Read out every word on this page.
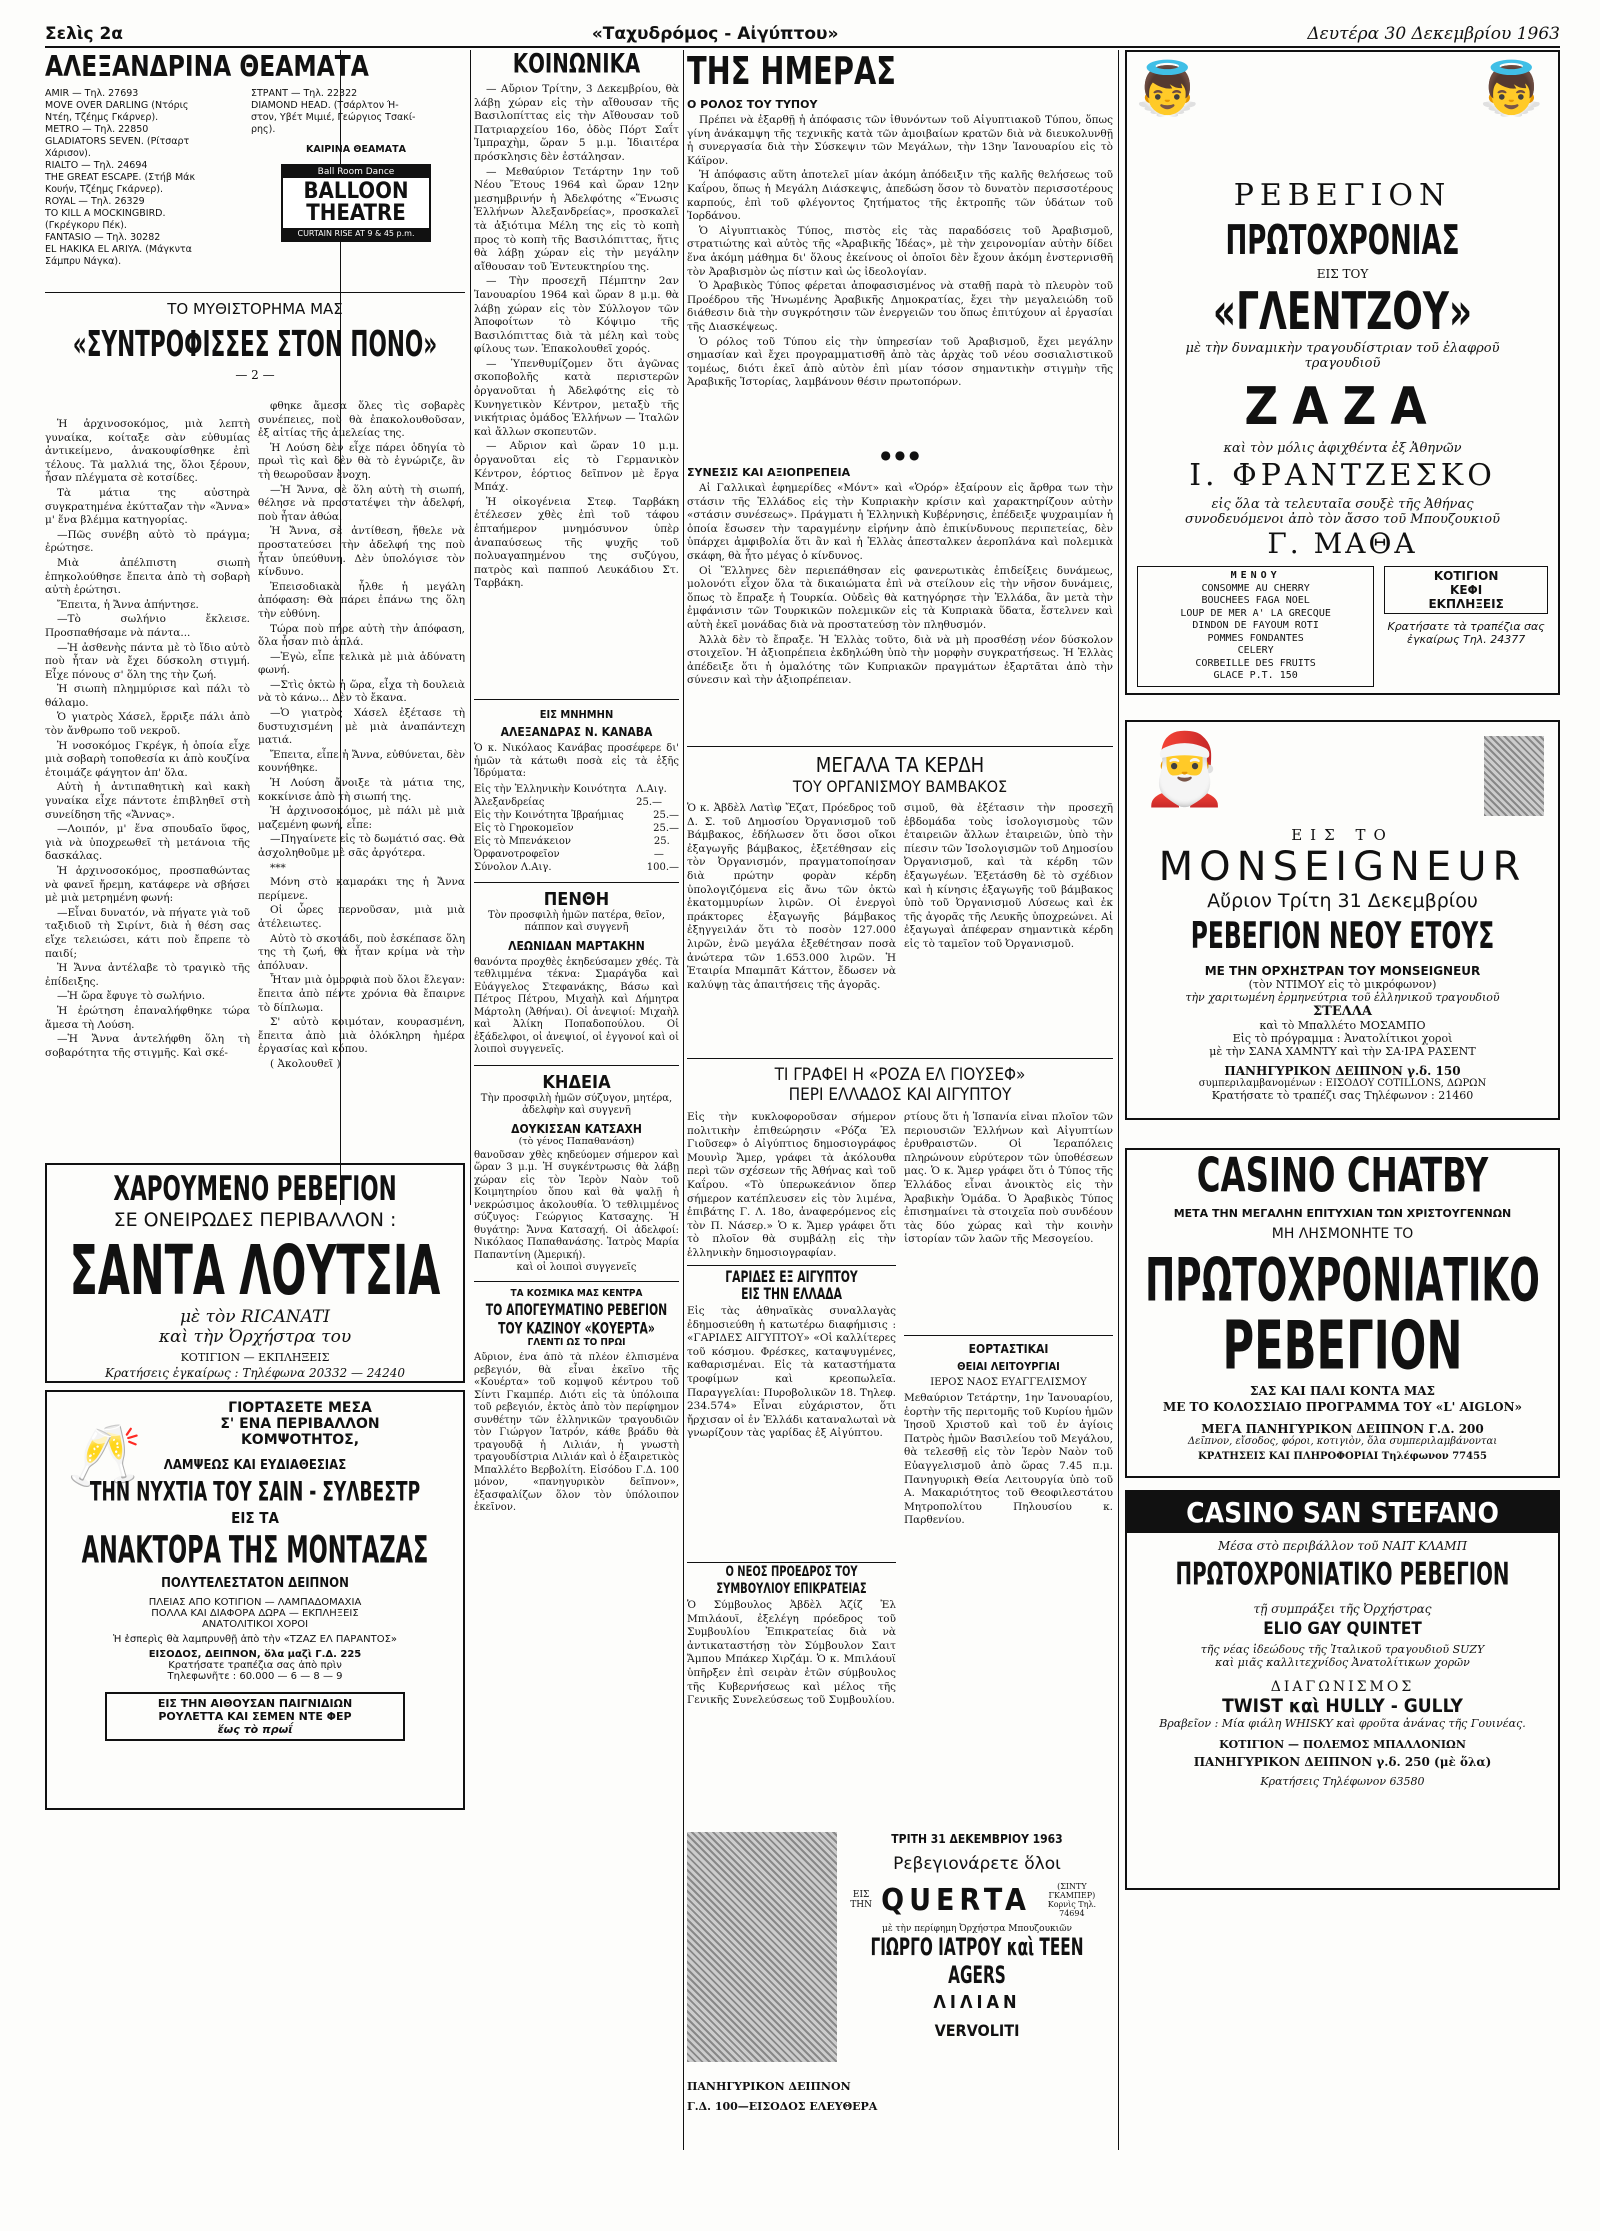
Σελὶς 2α	«Ταχυδρόμος - Αἰγύπτου»	Δευτέρα 30 Δεκεμβρίου 1963
ΑΛΕΞΑΝΔΡΙΝΑ ΘΕΑΜΑΤΑ
AMIR — Τηλ. 27693
MOVE OVER DARLING (Ντόρις
Ντέη, Τζέημς Γκάρνερ).
METRO — Τηλ. 22850
GLADIATORS SEVEN. (Ρίτσαρτ
Χάρισον).
RIALTO — Τηλ. 24694
THE GREAT ESCAPE. (Στήβ Μάκ
Κουήν, Τζέημς Γκάρνερ).
ROYAL — Τηλ. 26329
TO KILL A MOCKINGBIRD.
(Γκρέγκορυ Πέκ).
FANTASIO — Τηλ. 30282
EL HAKIKA EL ARIYA. (Μάγκντα
Σάμπρυ Νάγκα).
ΣΤΡΑΝΤ — Τηλ. 22322
DIAMOND HEAD. (Τσάρλτον Ή-
στον, Υβέτ Μιμιέ, Γεώργιος Τσακί-
ρης).
ΚΑΙΡΙΝΑ ΘΕΑΜΑΤΑ
Ball Room Dance
BALLOON THEATRE
CURTAIN RISE AT 9 & 45 p.m.
ΤΟ ΜΥΘΙΣΤΟΡΗΜΑ ΜΑΣ
«ΣΥΝΤΡΟΦΙΣΣΕΣ ΣΤΟΝ ΠΟΝΟ»
— 2 —

Ἡ ἀρχινοσοκόμος, μιὰ λεπτὴ γυναίκα, κοίταξε σὰν εὐθυμίας ἀντικείμενο, ἀνακουφίσθηκε ἐπὶ τέλους. Τὰ μαλλιά της, ὅλοι ξέρουν, ἦσαν πλέγματα σὲ κοτσίδες.

Τὰ μάτια της αὐστηρὰ συγκρατημένα ἐκύτταζαν τὴν «Ἄννα» μ' ἕνα βλέμμα κατηγορίας.

—Πῶς συνέβη αὐτὸ τὸ πράγμα; ἐρώτησε.

Μιὰ ἀπέλπιστη σιωπὴ ἐπηκολούθησε ἔπειτα ἀπὸ τὴ σοβαρὴ αὐτὴ ἐρώτησι.

Ἔπειτα, ἡ Ἄννα ἀπήντησε.

—Τὸ σωλήνιο ἔκλεισε. Προσπαθήσαμε νὰ πάντα...

—Ἡ ἀσθενὴς πάντα μὲ τὸ ἴδιο αὐτὸ ποὺ ἦταν νὰ ἔχει δύσκολη στιγμή. Εἶχε πόνους σ' ὅλη της τὴν ζωή.

Ἡ σιωπὴ πλημμύρισε καὶ πάλι τὸ θάλαμο.

Ὁ γιατρὸς Χάσελ, ἔρριξε πάλι ἀπὸ τὸν ἄνθρωπο τοῦ νεκροῦ.

Ἡ νοσοκόμος Γκρέγκ, ἡ ὁποία εἶχε μιὰ σοβαρὴ τοποθεσία κι ἀπὸ κουζίνα ἐτοιμάζε φάγητον ἀπ' ὅλα.

Αὐτὴ ἡ ἀντιπαθητικὴ καὶ κακὴ γυναίκα εἶχε πάντοτε ἐπιβληθεῖ στὴ συνείδηση τῆς «Ἄννας».

—Λοιπόν, μ' ἕνα σπουδαῖο ὕφος, γιὰ νὰ ὑποχρεωθεῖ τὴ μετάνοια τῆς δασκάλας.

Ἡ ἀρχινοσοκόμος, προσπαθώντας νὰ φανεῖ ἤρεμη, κατάφερε νὰ σβήσει μὲ μιὰ μετρημένη φωνή:

—Εἶναι δυνατόν, νὰ πήγατε γιὰ τοῦ ταξιδιοῦ τὴ Σιρίντ, διὰ ἡ θέση σας εἴχε τελειώσει, κάτι ποὺ ἔπρεπε τὸ παιδί;

Ἡ Ἄννα ἀντέλαβε τὸ τραγικὸ τῆς ἐπίδειξης.

—Ἡ ὥρα ἔφυγε τὸ σωλήνιο.

Ἡ ἐρώτηση ἐπαναλήφθηκε τώρα ἄμεσα τὴ Λούση.

—Ἡ Ἄννα ἀντελήφθη ὅλη τὴ σοβαρότητα τῆς στιγμῆς. Καὶ σκέ-

φθηκε ἄμεσα ὅλες τὶς σοβαρὲς συνέπειες, ποὺ θὰ ἐπακολουθοῦσαν, ἐξ αἰτίας τῆς ἀμελείας της.

Ἡ Λούση δὲν εἶχε πάρει ὁδηγία τὸ πρωὶ τὶς καὶ δὲν θὰ τὸ ἐγνώριζε, ἂν τὴ θεωροῦσαν ἔνοχη.

—Ἡ Ἄννα, σὲ ὅλη αὐτὴ τὴ σιωπή, θέλησε νὰ προστατέψει τὴν ἀδελφή, ποὺ ἦταν ἀθώα.

Ἡ Ἄννα, σὲ ἀντίθεση, ἤθελε νὰ προστατεύσει τὴν ἀδελφή της ποὺ ἦταν ὑπεύθυνη. Δὲν ὑπολόγισε τὸν κίνδυνο.

Ἐπεισοδιακὰ ἦλθε ἡ μεγάλη ἀπόφαση: Θὰ πάρει ἐπάνω της ὅλη τὴν εὐθύνη.

Τώρα ποὺ πήρε αὐτὴ τὴν ἀπόφαση, ὅλα ἦσαν πιὸ ἁπλά.

—Ἐγὼ, εἶπε τελικὰ μὲ μιὰ ἀδύνατη φωνή.

—Στὶς ὀκτὼ ἡ ὥρα, εἶχα τὴ δουλειὰ νὰ τὸ κάνω... Δὲν τὸ ἔκανα.

—Ὁ γιατρὸς Χάσελ ἐξέτασε τὴ δυστυχισμένη μὲ μιὰ ἀναπάντεχη ματιά.

Ἔπειτα, εἶπε ἡ Ἄννα, εὐθύνεται, δὲν κουνήθηκε.

Ἡ Λούση ἄνοιξε τὰ μάτια της, κοκκίνισε ἀπὸ τὴ σιωπή της.

Ἡ ἀρχινοσοκόμος, μὲ πάλι μὲ μιὰ μαζεμένη φωνή, εἶπε:

—Πηγαίνετε εἰς τὸ δωμάτιό σας. Θὰ ἀσχοληθοῦμε μὲ σᾶς ἀργότερα.

***

Μόνη στὸ καμαράκι της ἡ Ἄννα περίμενε.

Οἱ ὧρες περνοῦσαν, μιὰ μιὰ ἀτέλειωτες.

Αὐτὸ τὸ σκοτάδι, ποὺ ἐσκέπασε ὅλη της τὴ ζωή, θὰ ἦταν κρίμα νὰ τὴν ἀπόλυαν.

Ἦταν μιὰ ὀμορφιὰ ποὺ ὅλοι ἔλεγαν: ἔπειτα ἀπὸ πέντε χρόνια θὰ ἔπαιρνε τὸ δίπλωμα.

Σ' αὐτὸ κοιμόταν, κουρασμένη, ἔπειτα ἀπὸ μιὰ ὁλόκληρη ἡμέρα ἐργασίας καὶ κόπου.

( Ἀκολουθεῖ )

ΧΑΡΟΥΜΕΝΟ ΡΕΒΕΓΙΟΝ
ΣΕ ΟΝΕΙΡΩΔΕΣ ΠΕΡΙΒΑΛΛΟΝ :
ΣΑΝΤΑ ΛΟΥΤΣΙΑ
μὲ τὸν RICANATI
καὶ τὴν Ὀρχήστρα του
ΚΟΤΙΓΙΟΝ — ΕΚΠΛΗΞΕΙΣ
Κρατήσεις ἐγκαίρως : Τηλέφωνα 20332 — 24240
🥂
ΓΙΟΡΤΑΣΕΤΕ ΜΕΣΑ
Σ' ΕΝΑ ΠΕΡΙΒΑΛΛΟΝ
ΚΟΜΨΟΤΗΤΟΣ,
ΛΑΜΨΕΩΣ ΚΑΙ ΕΥΔΙΑΘΕΣΙΑΣ
ΤΗΝ ΝΥΧΤΙΑ ΤΟΥ ΣΑΙΝ - ΣΥΛΒΕΣΤΡ
ΕΙΣ ΤΑ
ΑΝΑΚΤΟΡΑ ΤΗΣ ΜΟΝΤΑΖΑΣ
ΠΟΛΥΤΕΛΕΣΤΑΤΟΝ ΔΕΙΠΝΟΝ
ΠΛΕΙΑΣ ΑΠΟ ΚΟΤΙΓΙΟΝ — ΛΑΜΠΑΔΟΜΑΧΙΑ
ΠΟΛΛΑ ΚΑΙ ΔΙΑΦΟΡΑ ΔΩΡΑ — ΕΚΠΛΗΞΕΙΣ
ΑΝΑΤΟΛΙΤΙΚΟΙ ΧΟΡΟΙ
Ἡ ἑσπερὶς θὰ λαμπρυνθῇ ἀπὸ τὴν «ΤΖΑΖ ΕΛ ΠΑΡΑΝΤΟΣ»
ΕΙΣΟΔΟΣ, ΔΕΙΠΝΟΝ, ὅλα μαζὶ Γ.Δ. 225
Κρατήσατε τραπέζια σας ἀπὸ πρὶν
Τηλεφωνῆτε : 60.000 — 6 — 8 — 9
ΕΙΣ ΤΗΝ ΑΙΘΟΥΣΑΝ ΠΑΙΓΝΙΔΙΩΝ
ΡΟΥΛΕΤΤΑ ΚΑΙ ΣΕΜΕΝ ΝΤΕ ΦΕΡ
ἕως τὸ πρωΐ
ΚΟΙΝΩΝΙΚΑ

— Αὔριον Τρίτην, 3 Δεκεμβρίου, θὰ λάβῃ χώραν εἰς τὴν αἴθουσαν τῆς Βασιλοπίττας εἰς τὴν Αἴθουσαν τοῦ Πατριαρχείου 16ο, ὁδὸς Πόρτ Σαΐτ Ἰμπραχὴμ, ὥραν 5 μ.μ. Ἰδιαιτέρα πρόσκλησις δὲν ἐστάλησαν.

— Μεθαύριον Τετάρτην 1ην τοῦ Νέου Ἔτους 1964 καὶ ὥραν 12ην μεσημβρινήν ἡ Ἀδελφότης «Ἕνωσις Ἑλλήνων Ἀλεξανδρείας», προσκαλεῖ τὰ ἀξιότιμα Μέλη της εἰς τὸ κοπὴ προς τὸ κοπὴ τῆς Βασιλόπιττας, ἥτις θὰ λάβῃ χώραν εἰς τὴν μεγάλην αἴθουσαν τοῦ Ἐντευκτηρίου της.

— Τὴν προσεχῆ Πέμπτην 2αν Ἰανουαρίου 1964 καὶ ὥραν 8 μ.μ. θὰ λάβῃ χώραν εἰς τὸν Σύλλογον τῶν Ἀποφοίτων τὸ Κόψιμο τῆς Βασιλόπιττας διὰ τὰ μέλη καὶ τοὺς φίλους των. Ἐπακολουθεῖ χορός.

— Ὑπενθυμίζομεν ὅτι ἀγῶνας σκοποβολῆς κατὰ περιστερῶν ὀργανοῦται ἡ Ἀδελφότης εἰς τὸ Κυνηγετικὸν Κέντρον, μεταξὺ τῆς νικήτριας ὁμάδος Ἑλλήνων — Ἰταλῶν καὶ ἄλλων σκοπευτῶν.

— Αὔριον καὶ ὥραν 10 μ.μ. ὀργανοῦται εἰς τὸ Γερμανικὸν Κέντρον, ἑόρτιος δεῖπνον μὲ ἔργα Μπάχ.

Ἡ οἰκογένεια Στεφ. Ταρβάκη ἐτέλεσεν χθὲς ἐπὶ τοῦ τάφου ἑπταήμερον μνημόσυνον ὑπὲρ ἀναπαύσεως τῆς ψυχῆς τοῦ πολυαγαπημένου της συζύγου, πατρὸς καὶ παππού Λευκάδιου Στ. Ταρβάκη.

ΕΙΣ ΜΝΗΜΗΝ
ΑΛΕΞΑΝΔΡΑΣ Ν. ΚΑΝΑΒΑ
Ὁ κ. Νικόλαος Κανάβας προσέφερε δι' ἡμῶν τὰ κάτωθι ποσὰ εἰς τὰ ἑξῆς Ἱδρύματα:
Εἰς τὴν Ἑλληνικὴν Κοινότητα Ἀλεξανδρείας
Λ.Αιγ. 25.—
Εἰς τὴν Κοινότητα Ἰβραήμιας	25.—
Εἰς τὸ Γηροκομεῖον	25.—
Εἰς τὸ Μπενάκειον Ὀρφανοτροφεῖον
25.—
Σύνολον Λ.Αιγ.	100.—
ΠΕΝΘΗ
Τὸν προσφιλὴ ἡμῶν πατέρα, θεῖον, πάππον καὶ συγγενῆ
ΛΕΩΝΙΔΑΝ ΜΑΡΤΑΚΗΝ
θανόντα προχθὲς ἐκηδεύσαμεν χθές. Τὰ τεθλιμμένα τέκνα: Σμαράγδα καὶ Εὐάγγελος Στεφανάκης, Βάσω καὶ Πέτρος Πέτρου, Μιχαὴλ καὶ Δήμητρα Μάρτολη (Ἀθήναι). Οἱ ἀνεψιοί: Μιχαὴλ καὶ Ἀλίκη Ποπαδοπούλου. Οἱ ἐξάδελφοι, οἱ ἀνεψιοί, οἱ ἐγγονοί καὶ οἱ λοιποὶ συγγενεῖς.
ΚΗΔΕΙΑ
Τὴν προσφιλὴ ἡμῶν σύζυγον, μητέρα, ἀδελφὴν καὶ συγγενῆ
ΔΟΥΚΙΣΣΑΝ ΚΑΤΣΑΧΗ
(τὸ γένος Παπαθανάση)
θανοῦσαν χθὲς κηδεύομεν σήμερον καὶ ὥραν 3 μ.μ. Ἡ συγκέντρωσις θὰ λάβῃ χώραν εἰς τὸν Ἱερὸν Ναὸν τοῦ Κοιμητηρίου ὅπου καὶ θὰ ψαλῇ ἡ νεκρώσιμος ἀκολουθία. Ὁ τεθλιμμένος σύζυγος: Γεώργιος Κατσαχης. Ἡ θυγάτηρ: Ἄννα Κατσαχή. Οἱ ἀδελφοί: Νικόλαος Παπαθανάσης. Ἰατρὸς Μαρία Παπαντίνη (Ἀμερική).
καὶ οἱ λοιποὶ συγγενεῖς
ΤΑ ΚΟΣΜΙΚΑ ΜΑΣ ΚΕΝΤΡΑ
ΤΟ ΑΠΟΓΕΥΜΑΤΙΝΟ ΡΕΒΕΓΙΟΝ ΤΟΥ ΚΑΖΙΝΟΥ «ΚΟΥΕΡΤΑ»
ΓΛΕΝΤΙ ΩΣ ΤΟ ΠΡΩΙ
Αὔριον, ἐνα ἀπὸ τὰ πλέον ἐλπισμένα ρεβεγιόν, θὰ εἶναι ἐκεῖνο τῆς «Κουέρτα» τοῦ κομψοῦ κέντρου τοῦ Σίντι Γκαμπέρ. Διότι εἰς τὰ ὑπόλοιπα τοῦ ρεβεγιόν, ἐκτὸς ἀπὸ τὸν περίφημον συνθέτην τῶν ἑλληνικῶν τραγουδιῶν τὸν Γιώργον Ἰατρόν, κάθε βράδυ θὰ τραγουδᾷ ἡ Λιλιάν, ἡ γνωστὴ τραγουδίστρια Λιλιάν καὶ ὁ ἐξαιρετικὸς Μπαλλέτο Βερβολίτη. Εἰσόδου Γ.Δ. 100 μόνον, «πανηγυρικὸν δεῖπνον», ἐξασφαλίζων ὅλον τὸν ὑπόλοιπον ἐκεῖνον.
ΤΗΣ ΗΜΕΡΑΣ
Ο ΡΟΛΟΣ ΤΟΥ ΤΥΠΟΥ

Πρέπει νὰ ἐξαρθῇ ἡ ἀπόφασις τῶν ἰθυνόντων τοῦ Αἰγυπτιακοῦ Τύπου, ὅπως γίνη ἀνάκαμψη τῆς τεχνικῆς κατὰ τῶν ἀμοιβαίων κρατῶν διὰ νὰ διευκολυνθῇ ἡ συνεργασία διὰ τὴν Σύσκεψιν τῶν Μεγάλων, τὴν 13ην Ἰανουαρίου εἰς τὸ Κάϊρον.

Ἡ ἀπόφασις αὕτη ἀποτελεῖ μίαν ἀκόμη ἀπόδειξιν τῆς καλῆς θελήσεως τοῦ Καΐρου, ὅπως ἡ Μεγάλη Διάσκεψις, ἀπεδώση ὅσον τὸ δυνατὸν περισσοτέρους καρπούς, ἐπὶ τοῦ φλέγοντος ζητήματος τῆς ἐκτροπῆς τῶν ὑδάτων τοῦ Ἰορδάνου.

Ὁ Αἰγυπτιακὸς Τύπος, πιστὸς εἰς τὰς παραδόσεις τοῦ Ἀραβισμοῦ, στρατιώτης καὶ αὐτὸς τῆς «Ἀραβικῆς Ἰδέας», μὲ τὴν χειρονομίαν αὐτὴν δίδει ἕνα ἀκόμη μάθημα δι' ὅλους ἐκείνους οἱ ὁποῖοι δὲν ἔχουν ἀκόμη ἐνστερνισθῆ τὸν Ἀραβισμὸν ὡς πίστιν καὶ ὡς ἰδεολογίαν.

Ὁ Ἀραβικὸς Τύπος φέρεται ἀποφασισμένος νὰ σταθῇ παρὰ τὸ πλευρὸν τοῦ Προέδρου τῆς Ἡνωμένης Ἀραβικῆς Δημοκρατίας, ἔχει τὴν μεγαλειώδη τοῦ διάθεσιν διὰ τὴν συγκρότησιν τῶν ἐνεργειῶν του ὅπως ἐπιτύχουν αἱ ἐργασίαι τῆς Διασκέψεως.

Ὁ ρόλος τοῦ Τύπου εἰς τὴν ὑπηρεσίαν τοῦ Ἀραβισμοῦ, ἔχει μεγάλην σημασίαν καὶ ἔχει προγραμματισθῆ ἀπὸ τὰς ἀρχὰς τοῦ νέου σοσιαλιστικοῦ τομέως, διότι ἐκεῖ ἀπὸ αὐτὸν ἐπὶ μίαν τόσον σημαντικὴν στιγμὴν τῆς Ἀραβικῆς Ἱστορίας, λαμβάνουν θέσιν πρωτοπόρων.

● ● ●
ΣΥΝΕΣΙΣ ΚΑΙ ΑΞΙΟΠΡΕΠΕΙΑ

Αἱ Γαλλικαὶ ἐφημερίδες «Μόντ» καὶ «Ὁρόρ» ἐξαίρουν εἰς ἄρθρα των τὴν στάσιν τῆς Ἑλλάδος εἰς τὴν Κυπριακὴν κρίσιν καὶ χαρακτηρίζουν αὐτὴν «στάσιν συνέσεως». Πράγματι ἡ Ἑλληνικὴ Κυβέρνησις, ἐπέδειξε ψυχραιμίαν ἡ ὁποία ἔσωσεν τὴν ταραγμένην εἰρήνην ἀπὸ ἐπικίνδυνους περιπετείας, δὲν ὑπάρχει ἀμφιβολία ὅτι ἂν καὶ ἡ Ἑλλὰς ἀπεσταλκεν ἀεροπλάνα καὶ πολεμικὰ σκάφη, θὰ ἦτο μέγας ὁ κίνδυνος.

Οἱ Ἕλληνες δὲν περιεπάθησαν εἰς φανερωτικὰς ἐπιδείξεις δυνάμεως, μολονότι εἶχον ὅλα τὰ δικαιώματα ἐπὶ νὰ στείλουν εἰς τὴν νῆσον δυνάμεις, ὅπως τὸ ἔπραξε ἡ Τουρκία. Οὐδεὶς θὰ κατηγόρησε τὴν Ἑλλάδα, ἂν μετὰ τὴν ἐμφάνισιν τῶν Τουρκικῶν πολεμικῶν εἰς τὰ Κυπριακὰ ὕδατα, ἔστελνεν καὶ αὐτὴ ἐκεῖ μονάδας διὰ νὰ προστατεύσῃ τὸν πληθυσμόν.

Ἀλλὰ δὲν τὸ ἔπραξε. Ἡ Ἑλλὰς τοῦτο, διὰ νὰ μὴ προσθέσῃ νέον δύσκολον στοιχεῖον. Ἡ ἀξιοπρέπεια ἐκδηλώθη ὑπὸ τὴν μορφὴν συγκρατήσεως. Ἡ Ἑλλὰς ἀπέδειξε ὅτι ἡ ὁμαλότης τῶν Κυπριακῶν πραγμάτων ἐξαρτᾶται ἀπὸ τὴν σύνεσιν καὶ τὴν ἀξιοπρέπειαν.

ΜΕΓΑΛΑ ΤΑ ΚΕΡΔΗ
ΤΟΥ ΟΡΓΑΝΙΣΜΟΥ ΒΑΜΒΑΚΟΣ
Ὁ κ. Ἀβδὲλ Λατὶφ Ἔζατ, Πρόεδρος τοῦ Δ. Σ. τοῦ Δημοσίου Ὀργανισμοῦ τοῦ Βάμβακος, ἐδήλωσεν ὅτι ὅσοι οἴκοι ἐξαγωγῆς βάμβακος, ἐξετέθησαν εἰς τὸν Ὀργανισμόν, πραγματοποίησαν διὰ πρώτην φορὰν κέρδη ὑπολογιζόμενα εἰς ἄνω τῶν ὀκτὼ ἑκατομμυρίων λιρῶν. Οἱ ἐνεργοὶ πράκτορες ἐξαγωγῆς βάμβακος ἐξηγγειλάν ὅτι τὸ ποσὸν 127.000 λιρῶν, ἐνῶ μεγάλα ἐξεθέτησαν ποσὰ ἀνώτερα τῶν 1.653.000 λιρῶν. Ἡ Ἑταιρία Μπαμπᾶτ Κάττον, ἔδωσεν νὰ καλύψῃ τὰς ἀπαιτήσεις τῆς ἀγορᾶς.
σιμοῦ, θὰ ἐξέτασιν τὴν προσεχῆ ἑβδομάδα τοὺς ἰσολογισμοὺς τῶν ἐταιρειῶν ἄλλων ἑταιρειῶν, ὑπὸ τὴν πίεσιν τῶν Ἰσολογισμῶν τοῦ Δημοσίου Ὀργανισμοῦ, καὶ τὰ κέρδη τῶν ἐξαγωγέων. Ἐξετάσθη δὲ τὸ σχέδιον καὶ ἡ κίνησις ἐξαγωγῆς τοῦ βάμβακος ὑπὸ τοῦ Ὀργανισμοῦ Λύσεως καὶ ἐκ τῆς ἀγορᾶς τῆς Λευκῆς ὑποχρεώνει. Αἱ ἐξαγωγαὶ ἀπέφεραν σημαντικὰ κέρδη εἰς τὸ ταμεῖον τοῦ Ὀργανισμοῦ.
ΤΙ ΓΡΑΦΕΙ Η «ΡΟΖΑ ΕΛ ΓΙΟΥΣΕΦ»
ΠΕΡΙ ΕΛΛΑΔΟΣ ΚΑΙ ΑΙΓΥΠΤΟΥ
Εἰς τὴν κυκλοφοροῦσαν σήμερον πολιτικὴν ἐπιθεώρησιν «Ρόζα Ἐλ Γιοῦσεφ» ὁ Αἰγύπτιος δημοσιογράφος Μουνὶρ Ἄμερ, γράφει τὰ ἀκόλουθα περὶ τῶν σχέσεων τῆς Ἀθήνας καὶ τοῦ Καΐρου. «Τὸ ὑπερωκεάνιον ὅπερ σήμερον κατέπλευσεν εἰς τὸν λιμένα, ἐπιβάτης Γ. Λ. 18ο, ἀναφερόμενος εἰς τὸν Π. Νάσερ.» Ὁ κ. Ἄμερ γράφει ὅτι τὸ πλοῖον θὰ συμβάλῃ εἰς τὴν ἑλληνικὴν δημοσιογραφίαν.
ΓΑΡΙΔΕΣ ΕΞ ΑΙΓΥΠΤΟΥ
ΕΙΣ ΤΗΝ ΕΛΛΑΔΑ
Εἰς τὰς ἀθηναϊκὰς συναλλαγὰς ἐδημοσιεύθη ἡ κατωτέρω διαφήμισις : «ΓΑΡΙΔΕΣ ΑΙΓΥΠΤΟΥ» «Οἱ καλλίτερες τοῦ κόσμου. Φρέσκες, καταψυγμένες, καθαρισμέναι. Εἰς τὰ καταστήματα τροφίμων καὶ κρεοπωλεῖα. Παραγγελίαι: Πυροβολικῶν 18. Τηλεφ. 234.574» Εἶναι εὐχάριστον, ὅτι ἤρχισαν οἱ ἐν Ἑλλάδι καταναλωταὶ νὰ γνωρίζουν τὰς γαρίδας ἐξ Αἰγύπτου.
ρτίους ὅτι ἡ Ἰσπανία εἶναι πλοῖον τῶν περιουσιῶν Ἑλλήνων καὶ Αἰγυπτίων ἐρυθραιστῶν. Οἱ Ἱεραπόλεις πληρώνουν εὐρύτερον τῶν ὑποθέσεων μας. Ὁ κ. Ἄμερ γράφει ὅτι ὁ Τύπος τῆς Ἑλλάδος εἶναι ἀνοικτὸς εἰς τὴν Ἀραβικὴν Ὁμάδα. Ὁ Ἀραβικὸς Τύπος ἐπισημαίνει τὰ στοιχεῖα ποὺ συνδέουν τὰς δύο χώρας καὶ τὴν κοινὴν ἱστορίαν τῶν λαῶν τῆς Μεσογείου.
ΕΟΡΤΑΣΤΙΚΑΙ
ΘΕΙΑΙ ΛΕΙΤΟΥΡΓΙΑΙ
ΙΕΡΟΣ ΝΑΟΣ ΕΥΑΓΓΕΛΙΣΜΟΥ
Μεθαύριον Τετάρτην, 1ην Ἰανουαρίου, ἑορτὴν τῆς περιτομῆς τοῦ Κυρίου ἡμῶν Ἰησοῦ Χριστοῦ καὶ τοῦ ἐν ἁγίοις Πατρὸς ἡμῶν Βασιλείου τοῦ Μεγάλου, θὰ τελεσθῇ εἰς τὸν Ἱερὸν Ναὸν τοῦ Εὐαγγελισμοῦ ἀπὸ ὥρας 7.45 π.μ. Πανηγυρικὴ Θεία Λειτουργία ὑπὸ τοῦ Α. Μακαριότητος τοῦ Θεοφιλεστάτου Μητροπολίτου Πηλουσίου κ. Παρθενίου.
Ο ΝΕΟΣ ΠΡΟΕΔΡΟΣ ΤΟΥ ΣΥΜΒΟΥΛΙΟΥ ΕΠΙΚΡΑΤΕΙΑΣ
Ὁ Σύμβουλος Ἀβδὲλ Ἀζίζ Ἐλ Μπιλάουϊ, ἐξελέγη πρόεδρος τοῦ Συμβουλίου Ἐπικρατείας διὰ νὰ ἀντικαταστήσῃ τὸν Σύμβουλον Σαιτ Ἄμπου Μπάκερ Χιρζάμ. Ὁ κ. Μπιλάουϊ ὑπῆρξεν ἐπὶ σειρὰν ἐτῶν σύμβουλος τῆς Κυβερνήσεως καὶ μέλος τῆς Γενικῆς Συνελεύσεως τοῦ Συμβουλίου.
ΤΡΙΤΗ 31 ΔΕΚΕΜΒΡΙΟΥ 1963
Ρεβεγιονάρετε ὅλοι
ΕΙΣ ΤΗΝ QUERTA	(ΣΙΝΤΥ ΓΚΑΜΠΕΡ) Κορνὶς Τηλ. 74694
μὲ τὴν περίφημη Ὀρχήστρα Μπουζουκιῶν
ΓΙΩΡΓΟ ΙΑΤΡΟΥ καὶ TEEN AGERS
ΛΙΛΙΑΝ
VERVOLITI
ΠΑΝΗΓΥΡΙΚΟΝ ΔΕΙΠΝΟΝ
Γ.Δ. 100—ΕΙΣΟΔΟΣ ΕΛΕΥΘΕΡΑ
👼	👼
ΡΕΒΕΓΙΟΝ
ΠΡΩΤΟΧΡΟΝΙΑΣ
ΕΙΣ ΤΟΥ
«ΓΛΕΝΤΖΟΥ»
μὲ τὴν δυναμικὴν τραγουδίστριαν τοῦ ἐλαφροῦ τραγουδιοῦ
ΖΑΖΑ
καὶ τὸν μόλις ἀφιχθέντα ἐξ Ἀθηνῶν
Ι. ΦΡΑΝΤΖΕΣΚΟ
εἰς ὅλα τὰ τελευταῖα σουξὲ τῆς Ἀθήνας
συνοδευόμενοι ἀπὸ τὸν ἄσσο τοῦ Μπουζουκιοῦ
Γ. ΜΑΘΑ
ΜΕΝΟΥ
CONSOMME AU CHERRY
BOUCHEES FAGA NOEL
LOUP DE MER A' LA GRECQUE
DINDON DE FAYOUM ROTI
POMMES FONDANTES
CELERY
CORBEILLE DES FRUITS
GLACE P.T. 150
ΚΟΤΙΓΙΟΝ
ΚΕΦΙ
ΕΚΠΛΗΞΕΙΣ
Κρατήσατε τὰ τραπέζια σας ἐγκαίρως Τηλ. 24377
🎅
ΕΙΣ ΤΟ
MONSEIGNEUR
Αὔριον Τρίτη 31 Δεκεμβρίου
ΡΕΒΕΓΙΟΝ ΝΕΟΥ ΕΤΟΥΣ
ΜΕ ΤΗΝ ΟΡΧΗΣΤΡΑΝ ΤΟΥ MONSEIGNEUR
(τὸν ΝΤΙΜΟΥ εἰς τὸ μικρόφωνον)
τὴν χαριτωμένη ἐρμηνεύτρια τοῦ ἑλληνικοῦ τραγουδιοῦ
ΣΤΕΛΛΑ
καὶ τὸ Μπαλλέτο ΜΟΣΑΜΠΟ
Εἰς τὸ πρόγραμμα : Ἀνατολίτικοι χοροὶ
μὲ τὴν ΣΑΝΑ ΧΑΜΝΤΥ καὶ τὴν ΣΑ·ΙΡΑ ΡΑΣΕΝΤ
ΠΑΝΗΓΥΡΙΚΟΝ ΔΕΙΠΝΟΝ γ.δ. 150
συμπεριλαμβανομένων : ΕΙΣΟΔΟΥ COTILLONS, ΔΩΡΩΝ
Κρατήσατε τὸ τραπέζι σας Τηλέφωνον : 21460
CASINO CHATBY
ΜΕΤΑ ΤΗΝ ΜΕΓΑΛΗΝ ΕΠΙΤΥΧΙΑΝ ΤΩΝ ΧΡΙΣΤΟΥΓΕΝΝΩΝ
ΜΗ ΛΗΣΜΟΝΗΤΕ ΤΟ
ΠΡΩΤΟΧΡΟΝΙΑΤΙΚΟ
ΡΕΒΕΓΙΟΝ
ΣΑΣ ΚΑΙ ΠΑΛΙ ΚΟΝΤΑ ΜΑΣ
ΜΕ ΤΟ ΚΟΛΟΣΣΙΑΙΟ ΠΡΟΓΡΑΜΜΑ ΤΟΥ «L' AIGLON»
ΜΕΓΑ ΠΑΝΗΓΥΡΙΚΟΝ ΔΕΙΠΝΟΝ Γ.Δ. 200
Δεῖπνον, εἴσοδος, φόροι, κοτιγιὸν, ὅλα συμπεριλαμβάνονται
ΚΡΑΤΗΣΕΙΣ ΚΑΙ ΠΛΗΡΟΦΟΡΙΑΙ Τηλέφωνον 77455
CASINO SAN STEFANO
Μέσα στὸ περιβάλλον τοῦ ΝΑΙΤ ΚΛΑΜΠ
ΠΡΩΤΟΧΡΟΝΙΑΤΙΚΟ ΡΕΒΕΓΙΟΝ
τῇ συμπράξει τῆς Ὀρχήστρας
ELIO GAY QUINTET
τῆς νέας ἰδεώδους τῆς Ἰταλικοῦ τραγουδιοῦ SUZY
καὶ μιᾶς καλλιτεχνίδος Ἀνατολίτικων χορῶν
ΔΙΑΓΩΝΙΣΜΟΣ
TWIST καὶ HULLY - GULLY
Βραβεῖον : Μία φιάλη WHISKY καὶ φροῦτα ἀνάνας τῆς Γουινέας.
ΚΟΤΙΓΙΟΝ — ΠΟΛΕΜΟΣ ΜΠΑΛΛΟΝΙΩΝ
ΠΑΝΗΓΥΡΙΚΟΝ ΔΕΙΠΝΟΝ γ.δ. 250 (μὲ ὅλα)
Κρατήσεις Τηλέφωνον 63580
